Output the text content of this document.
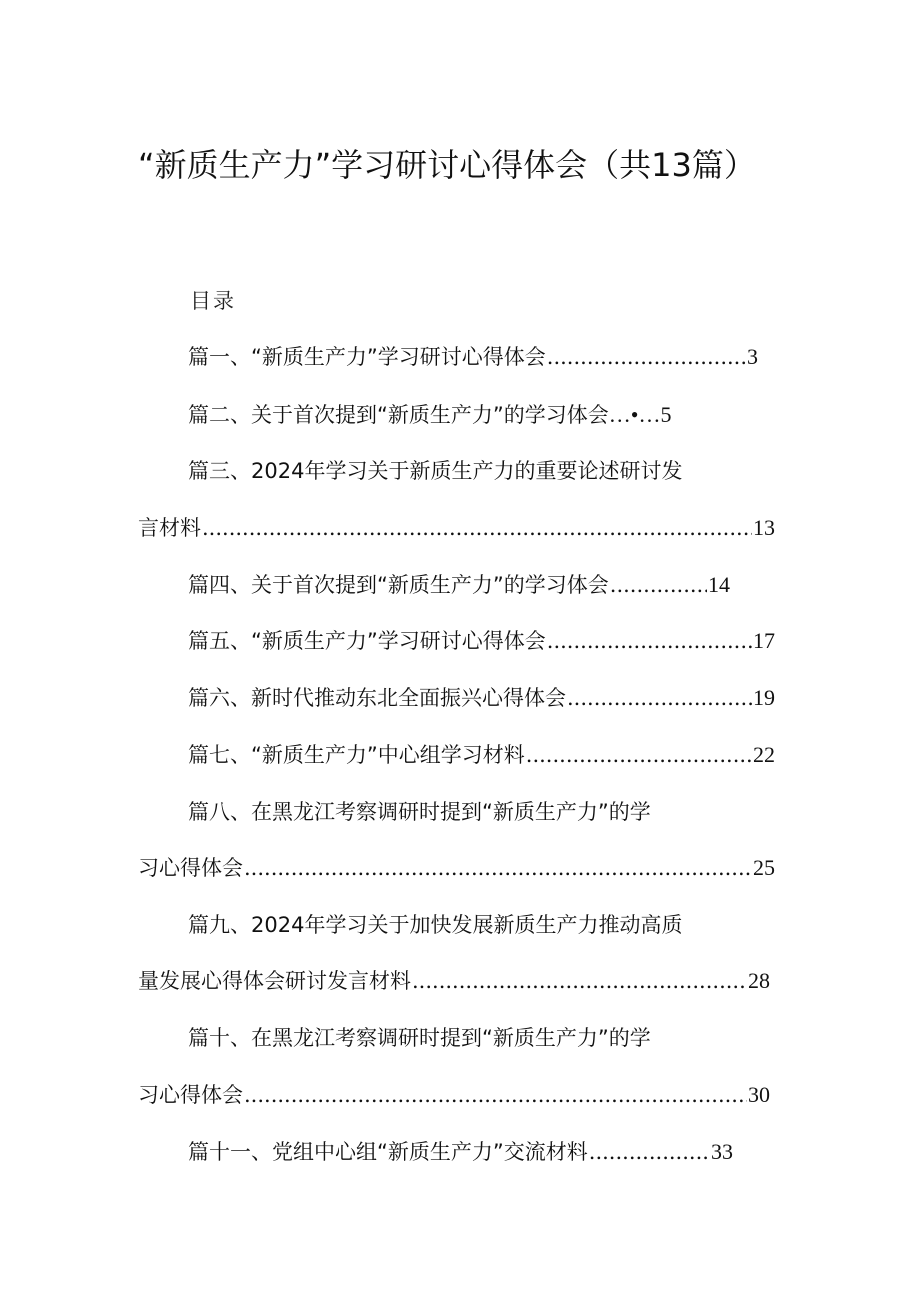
“新质生产力”学习研讨心得体会（共13篇）
目录
篇一、“新质生产力”学习研讨心得体会 .....	3
篇二、关于首次提到“新质生产力”的学习体会 …•… 5
篇三、2024年学习关于新质生产力的重要论述研讨发
言材料 .....	13
篇四、关于首次提到“新质生产力”的学习体会 .....	14
篇五、“新质生产力”学习研讨心得体会 .....	17
篇六、新时代推动东北全面振兴心得体会 .....	19
篇七、“新质生产力”中心组学习材料 .....	22
篇八、在黑龙江考察调研时提到“新质生产力”的学
习心得体会 .....	25
篇九、2024年学习关于加快发展新质生产力推动高质
量发展心得体会研讨发言材料 .....	28
篇十、在黑龙江考察调研时提到“新质生产力”的学
习心得体会 .....	30
篇十一、党组中心组“新质生产力”交流材料 .....	33
